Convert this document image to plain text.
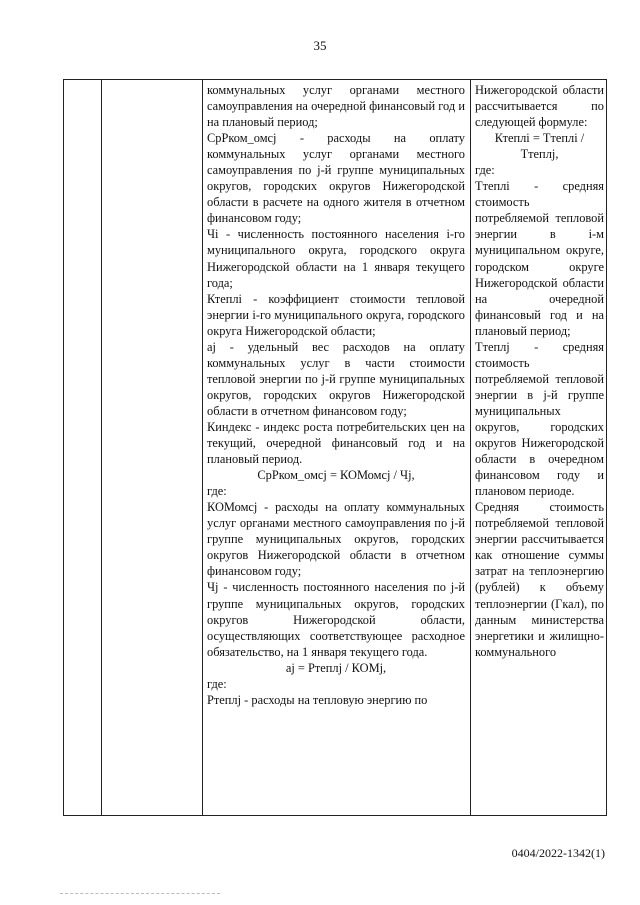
35

коммунальных услуг органами местного самоуправления на очередной финансовый год и на плановый период;

СрРком_омсj - расходы на оплату коммунальных услуг органами местного самоуправления по j-й группе муниципальных округов, городских округов Нижегородской области в расчете на одного жителя в отчетном финансовом году;

Чi - численность постоянного населения i-го муниципального округа, городского округа Нижегородской области на 1 января текущего года;

Ктеплi - коэффициент стоимости тепловой энергии i-го муниципального округа, городского округа Нижегородской области;

аj - удельный вес расходов на оплату коммунальных услуг в части стоимости тепловой энергии по j-й группе муниципальных округов, городских округов Нижегородской области в отчетном финансовом году;

Киндекс - индекс роста потребительских цен на текущий, очередной финансовый год и на плановый период.

СрРком_омсj = КОМомсj / Чj,

где:

КОМомсj - расходы на оплату коммунальных услуг органами местного самоуправления по j-й группе муниципальных округов, городских округов Нижегородской области в отчетном финансовом году;

Чj - численность постоянного населения по j-й группе муниципальных округов, городских округов Нижегородской области, осуществляющих соответствующее расходное обязательство, на 1 января текущего года.

аj = Ртеплj / КОМj,

где:

Ртеплj - расходы на тепловую энергию по

Нижегородской области рассчитывается по следующей формуле:

Ктеплi = Ттеплi / Ттеплj,

где:

Ттеплi - средняя стоимость потребляемой тепловой энергии в i-м муниципальном округе, городском округе Нижегородской области на очередной финансовый год и на плановый период;

Ттеплj - средняя стоимость потребляемой тепловой энергии в j-й группе муниципальных округов, городских округов Нижегородской области в очередном финансовом году и плановом периоде.

Средняя стоимость потребляемой тепловой энергии рассчитывается как отношение суммы затрат на теплоэнергию (рублей) к объему теплоэнергии (Гкал), по данным министерства энергетики и жилищно-коммунального

0404/2022-1342(1)
